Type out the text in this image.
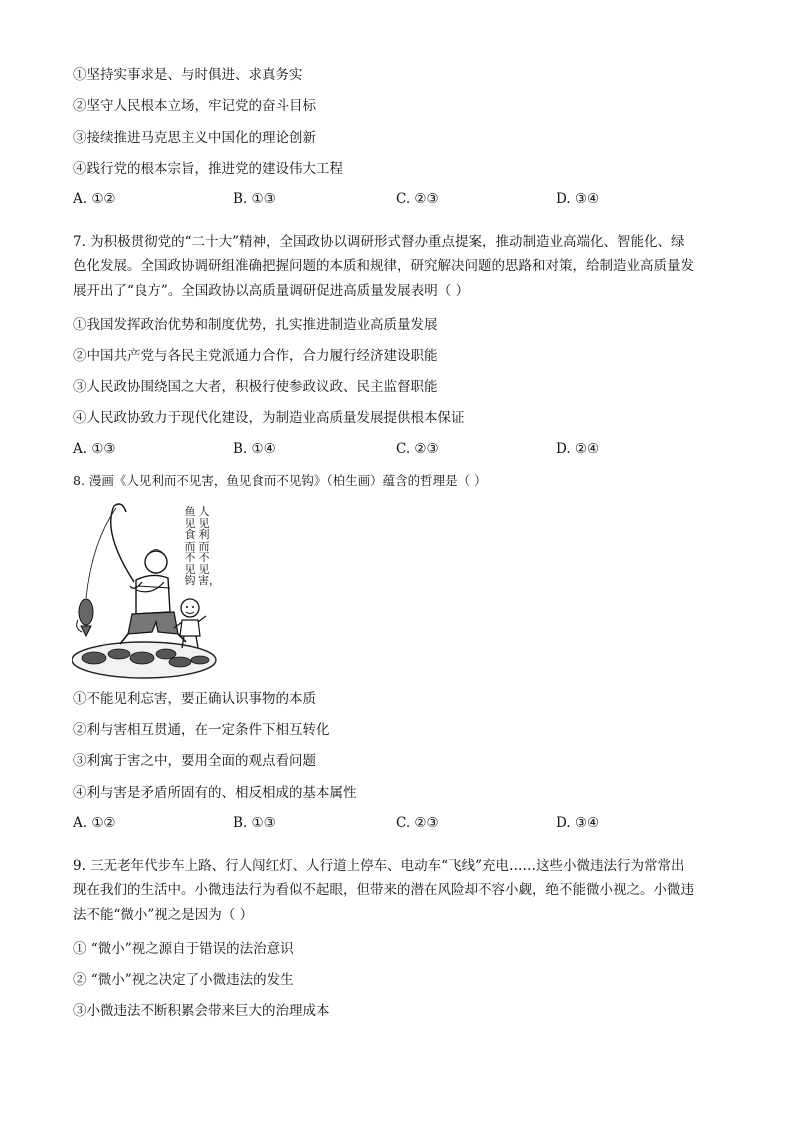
①坚持实事求是、与时俱进、求真务实
②坚守人民根本立场，牢记党的奋斗目标
③接续推进马克思主义中国化的理论创新
④践行党的根本宗旨，推进党的建设伟大工程
A. ①②	B. ①③	C. ②③	D. ③④
7. 为积极贯彻党的“二十大”精神，全国政协以调研形式督办重点提案，推动制造业高端化、智能化、绿
色化发展。全国政协调研组准确把握问题的本质和规律，研究解决问题的思路和对策，给制造业高质量发
展开出了“良方”。全国政协以高质量调研促进高质量发展表明（ ）
①我国发挥政治优势和制度优势，扎实推进制造业高质量发展
②中国共产党与各民主党派通力合作，合力履行经济建设职能
③人民政协围绕国之大者，积极行使参政议政、民主监督职能
④人民政协致力于现代化建设，为制造业高质量发展提供根本保证
A. ①③	B. ①④	C. ②③	D. ②④
8. 漫画《人见利而不见害，鱼见食而不见钩》（柏生画）蕴含的哲理是（ ）
人见利而不见害，
鱼见食而不见钩
①不能见利忘害，要正确认识事物的本质
②利与害相互贯通，在一定条件下相互转化
③利寓于害之中，要用全面的观点看问题
④利与害是矛盾所固有的、相反相成的基本属性
A. ①②	B. ①③	C. ②③	D. ③④
9. 三无老年代步车上路、行人闯红灯、人行道上停车、电动车“飞线”充电……这些小微违法行为常常出
现在我们的生活中。小微违法行为看似不起眼，但带来的潜在风险却不容小觑，绝不能微小视之。小微违
法不能“微小”视之是因为（ ）
① “微小”视之源自于错误的法治意识
② “微小”视之决定了小微违法的发生
③小微违法不断积累会带来巨大的治理成本
